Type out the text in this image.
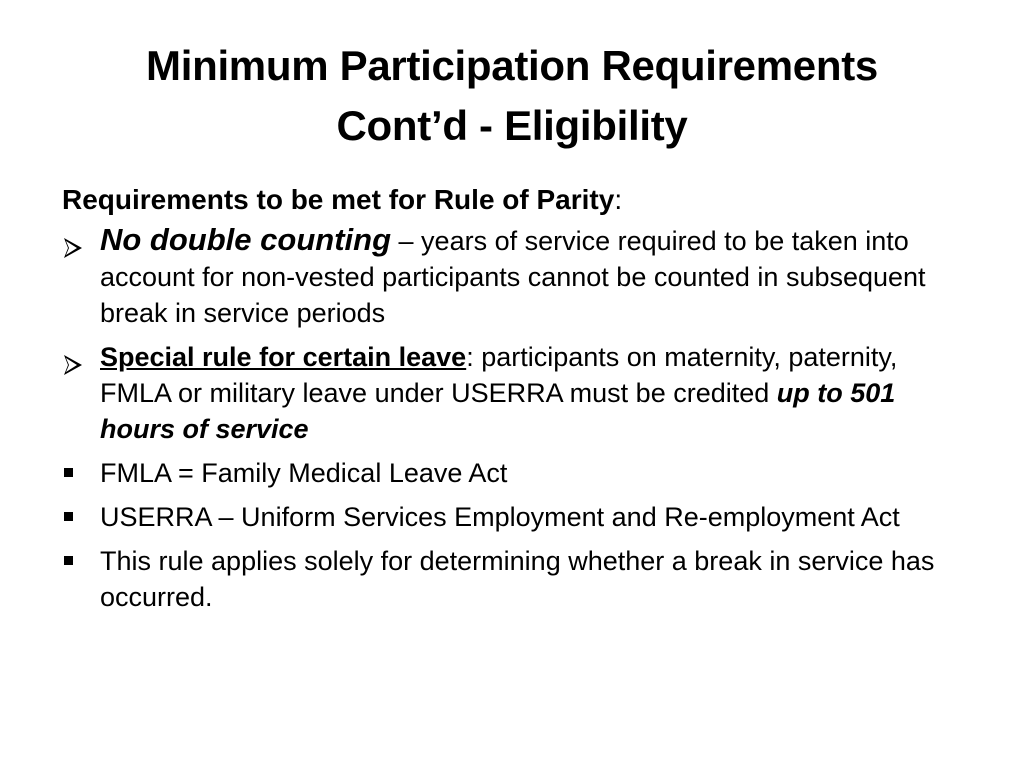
Minimum Participation Requirements
Cont’d - Eligibility
Requirements to be met for Rule of Parity:
No double counting – years of service required to be taken into account for non-vested participants cannot be counted in subsequent break in service periods
Special rule for certain leave: participants on maternity, paternity, FMLA or military leave under USERRA must be credited up to 501 hours of service
FMLA = Family Medical Leave Act
USERRA – Uniform Services Employment and Re-employment Act
This rule applies solely for determining whether a break in service has occurred.
